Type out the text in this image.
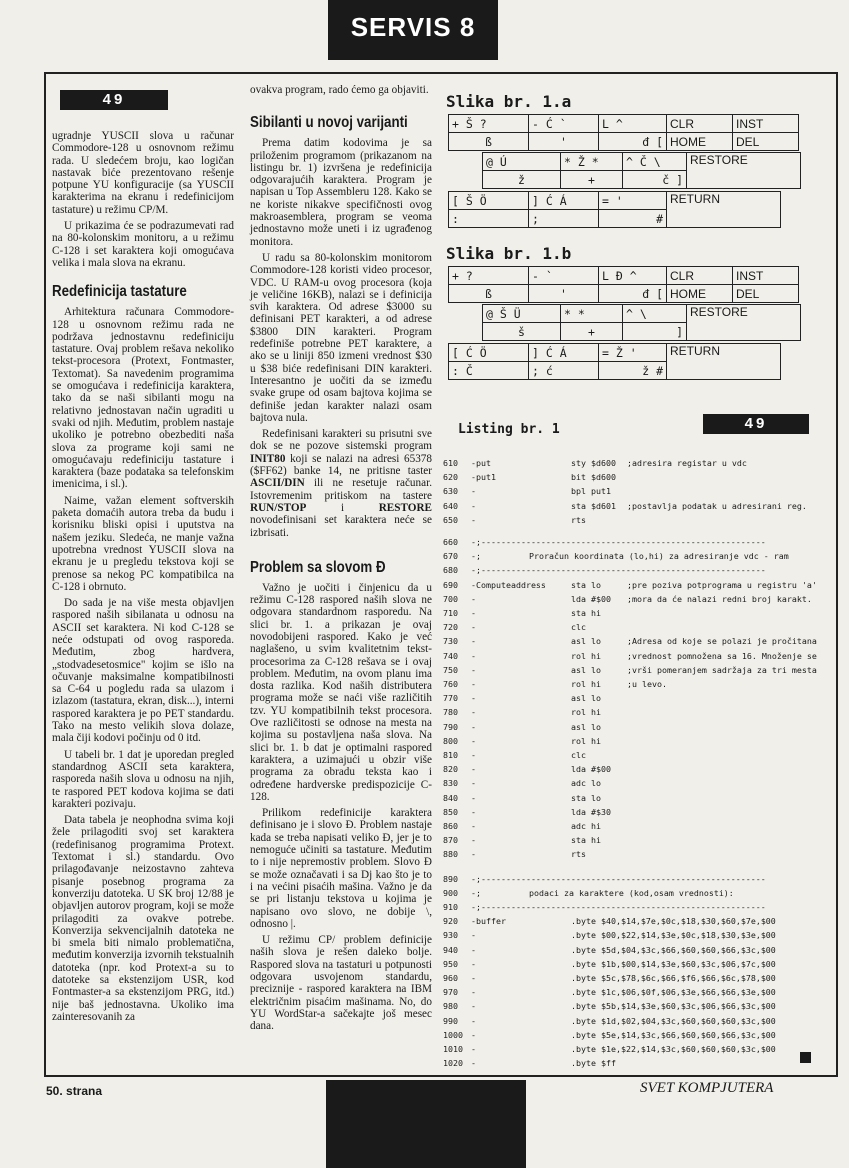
SERVIS 8
49
49

ugradnje YUSCII slova u računar Commodore-128 u osnovnom režimu rada. U sledećem broju, kao logičan nastavak biće prezentovano rešenje potpune YU konfiguracije (sa YUSCII karakterima na ekranu i redefinicijom tastature) u režimu CP/M.

U prikazima će se podrazumevati rad na 80-kolonskim monitoru, a u režimu C-128 i set karaktera koji omogućava velika i mala slova na ekranu.

Redefinicija tastature

Arhitektura računara Commodore-128 u osnovnom režimu rada ne podržava jednostavnu redefiniciju tastature. Ovaj problem rešava nekoliko tekst-procesora (Protext, Fontmaster, Textomat). Sa navedenim programima se omogućava i redefinicija karaktera, tako da se naši sibilanti mogu na relativno jednostavan način ugraditi u svaki od njih. Međutim, problem nastaje ukoliko je potrebno obezbediti naša slova za programe koji sami ne omogućavaju redefiniciju tastature i karaktera (baze podataka sa telefonskim imenicima, i sl.).

Naime, važan element softverskih paketa domaćih autora treba da budu i korisniku bliski opisi i uputstva na našem jeziku. Sledeća, ne manje važna upotrebna vrednost YUSCII slova na ekranu je u pregledu tekstova koji se prenose sa nekog PC kompatibilca na C-128 i obrnuto.

Do sada je na više mesta objavljen raspored naših sibilanata u odnosu na ASCII set karaktera. Ni kod C-128 se neće odstupati od ovog rasporeda. Međutim, zbog hardvera, „stodvadesetosmice" kojim se išlo na očuvanje maksimalne kompatibilnosti sa C-64 u pogledu rada sa ulazom i izlazom (tastatura, ekran, disk...), interni raspored karaktera je po PET standardu. Tako na mesto velikih slova dolaze, mala čiji kodovi počinju od 0 itd.

U tabeli br. 1 dat je uporedan pregled standardnog ASCII seta karaktera, rasporeda naših slova u odnosu na njih, te raspored PET kodova kojima se dati karakteri pozivaju.

Data tabela je neophodna svima koji žele prilagoditi svoj set karaktera (redefinisanog programima Protext. Textomat i sl.) standardu. Ovo prilagođavanje neizostavno zahteva pisanje posebnog programa za konverziju datoteka. U SK broj 12/88 je objavljen autorov program, koji se može prilagoditi za ovakve potrebe. Konverzija sekvencijalnih datoteka ne bi smela biti nimalo problematična, međutim konverzija izvornih tekstualnih datoteka (npr. kod Protext-a su to datoteke sa ekstenzijom USR, kod Fontmaster-a sa ekstenzijom PRG, itd.) nije baš jednostavna. Ukoliko ima zainteresovanih za

ovakva program, rado ćemo ga objaviti.

Sibilanti u novoj varijanti

Prema datim kodovima je sa priloženim programom (prikazanom na listingu br. 1) izvršena je redefinicija odgovarajućih karaktera. Program je napisan u Top Assembleru 128. Kako se ne koriste nikakve specifičnosti ovog makroasemblera, program se veoma jednostavno može uneti i iz ugrađenog monitora.

U radu sa 80-kolonskim monitorom Commodore-128 koristi video procesor, VDC. U RAM-u ovog procesora (koja je veličine 16KB), nalazi se i definicija svih karaktera. Od adrese $3000 su definisani PET karakteri, a od adrese $3800 DIN karakteri. Program redefiniše potrebne PET karaktere, a ako se u liniji 850 izmeni vrednost $30 u $38 biće redefinisani DIN karakteri. Interesantno je uočiti da se između svake grupe od osam bajtova kojima se definiše jedan karakter nalazi osam bajtova nula.

Redefinisani karakteri su prisutni sve dok se ne pozove sistemski program INIT80 koji se nalazi na adresi 65378 ($FF62) banke 14, ne pritisne taster ASCII/DIN ili ne resetuje računar. Istovremenim pritiskom na tastere RUN/STOP i RESTORE novodefinisani set karaktera neće se izbrisati.

Problem sa slovom Đ

Važno je uočiti i činjenicu da u režimu C-128 raspored naših slova ne odgovara standardnom rasporedu. Na slici br. 1. a prikazan je ovaj novodobijeni raspored. Kako je već naglašeno, u svim kvalitetnim tekst-procesorima za C-128 rešava se i ovaj problem. Međutim, na ovom planu ima dosta razlika. Kod naših distributera programa može se naći više različitih tzv. YU kompatibilnih tekst procesora. Ove različitosti se odnose na mesta na kojima su postavljena naša slova. Na slici br. 1. b dat je optimalni raspored karaktera, a uzimajući u obzir više programa za obradu teksta kao i određene hardverske predispozicije C-128.

Prilikom redefinicije karaktera definisano je i slovo Đ. Problem nastaje kada se treba napisati veliko Đ, jer je to nemoguće učiniti sa tastature. Međutim to i nije nepremostiv problem. Slovo Đ se može označavati i sa Dj kao što je to i na većini pisaćih mašina. Važno je da se pri listanju tekstova u kojima je napisano ovo slovo, ne dobije \, odnosno |.

U režimu CP/ problem definicije naših slova je rešen daleko bolje. Raspored slova na tastaturi u potpunosti odgovara usvojenom standardu, preciznije - raspored karaktera na IBM električnim pisaćim mašinama. No, do YU WordStar-a sačekajte još mesec dana.

Slika br. 1.a
+ Š ?	- Ć `	L ^	CLR	INST
ß	'	đ [	HOME	DEL
@ Ú	* Ž *	^ Č \	RESTORE
ž	+	č ]	
[ Š Ö	] Ć Á	= '	RETURN
:	;	#	
Slika br. 1.b
+ ?	- `	L Đ ^	CLR	INST
ß	'	đ [	HOME	DEL
@ Š Ü	* *	^ \	RESTORE
š	+	]	
[ Ć Ö	] Ć Á	= Ž '	RETURN
: Č	; ć	ž #	
Listing br. 1
610 -put	sty $d600 ;adresira registar u vdc
620 -put1	bit $d600
630 -	bpl put1
640 -	sta $d601 ;postavlja podatak u adresirani reg.
650 -	rts
660 -;---------------------------------------------------------
670 -;	Proračun koordinata (lo,hi) za adresiranje vdc - ram
680 -;---------------------------------------------------------
690 -Computeaddress	sta lo	;pre poziva potprograma u registru 'a'
700 -	lda #$00 ;mora da će nalazi redni broj karakt.
710 -	sta hi
720 -	clc
730 -	asl lo	;Adresa od koje se polazi je pročitana
740 -	rol hi	;vrednost pomnožena sa 16. Množenje se
750 -	asl lo	;vrši pomeranjem sadržaja za tri mesta
760 -	rol hi	;u levo.
770 -	asl lo
780 -	rol hi
790 -	asl lo
800 -	rol hi
810 -	clc
820 -	lda #$00
830 -	adc lo
840 -	sta lo
850 -	lda #$30
860 -	adc hi
870 -	sta hi
880 -	rts
890 -;---------------------------------------------------------
900 -;	podaci za karaktere (kod,osam vrednosti):
910 -;---------------------------------------------------------
920 -buffer	.byte $40,$14,$7e,$0c,$18,$30,$60,$7e,$00
930 -	.byte $00,$22,$14,$3e,$0c,$18,$30,$3e,$00
940 -	.byte $5d,$04,$3c,$66,$60,$60,$66,$3c,$00
950 -	.byte $1b,$00,$14,$3e,$60,$3c,$06,$7c,$00
960 -	.byte $5c,$78,$6c,$66,$f6,$66,$6c,$78,$00
970 -	.byte $1c,$06,$0f,$06,$3e,$66,$66,$3e,$00
980 -	.byte $5b,$14,$3e,$60,$3c,$06,$66,$3c,$00
990 -	.byte $1d,$02,$04,$3c,$60,$60,$60,$3c,$00
1000 -	.byte $5e,$14,$3c,$66,$60,$60,$66,$3c,$00
1010 -	.byte $1e,$22,$14,$3c,$60,$60,$60,$3c,$00
1020 -	.byte $ff
50. strana	SVET KOMPJUTERA
